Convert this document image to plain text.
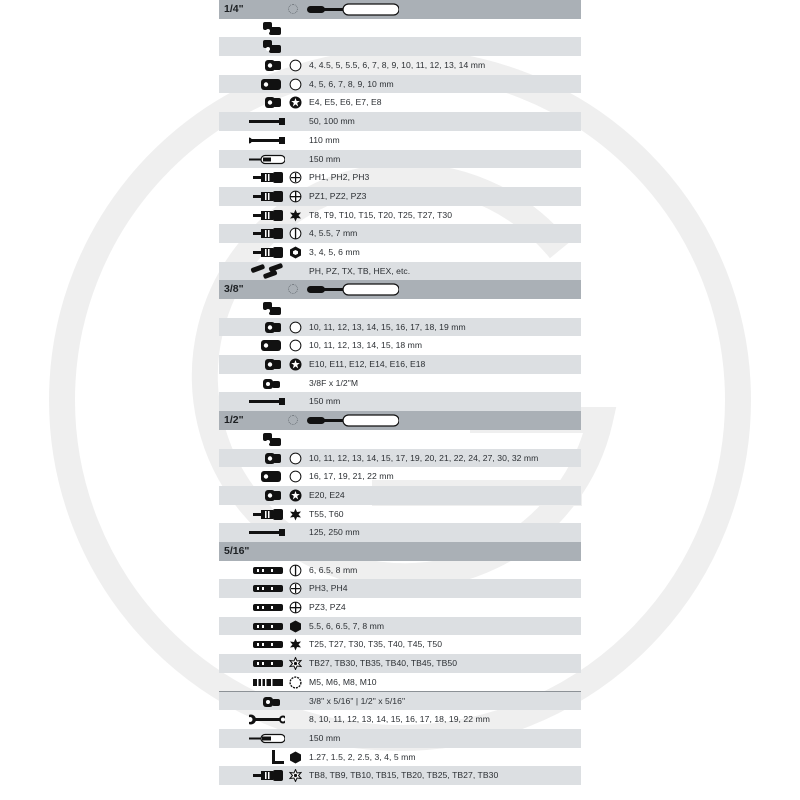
1/4"
4, 4.5, 5, 5.5, 6, 7, 8, 9, 10, 11, 12, 13, 14 mm
4, 5, 6, 7, 8, 9, 10 mm
E4, E5, E6, E7, E8
50, 100 mm
110 mm
150 mm
PH1, PH2, PH3
PZ1, PZ2, PZ3
T8, T9, T10, T15, T20, T25, T27, T30
4, 5.5, 7 mm
3, 4, 5, 6 mm
PH, PZ, TX, TB, HEX, etc.
3/8"
10, 11, 12, 13, 14, 15, 16, 17, 18, 19 mm
10, 11, 12, 13, 14, 15, 18 mm
E10, E11, E12, E14, E16, E18
3/8F x 1/2"M
150 mm
1/2"
10, 11, 12, 13, 14, 15, 17, 19, 20, 21, 22, 24, 27, 30, 32 mm
16, 17, 19, 21, 22 mm
E20, E24
T55, T60
125, 250 mm
5/16"
6, 6.5, 8 mm
PH3, PH4
PZ3, PZ4
5.5, 6, 6.5, 7, 8 mm
T25, T27, T30, T35, T40, T45, T50
TB27, TB30, TB35, TB40, TB45, TB50
M5, M6, M8, M10
3/8" x 5/16" | 1/2" x 5/16"
8, 10, 11, 12, 13, 14, 15, 16, 17, 18, 19, 22 mm
150 mm
1.27, 1.5, 2, 2.5, 3, 4, 5 mm
TB8, TB9, TB10, TB15, TB20, TB25, TB27, TB30
